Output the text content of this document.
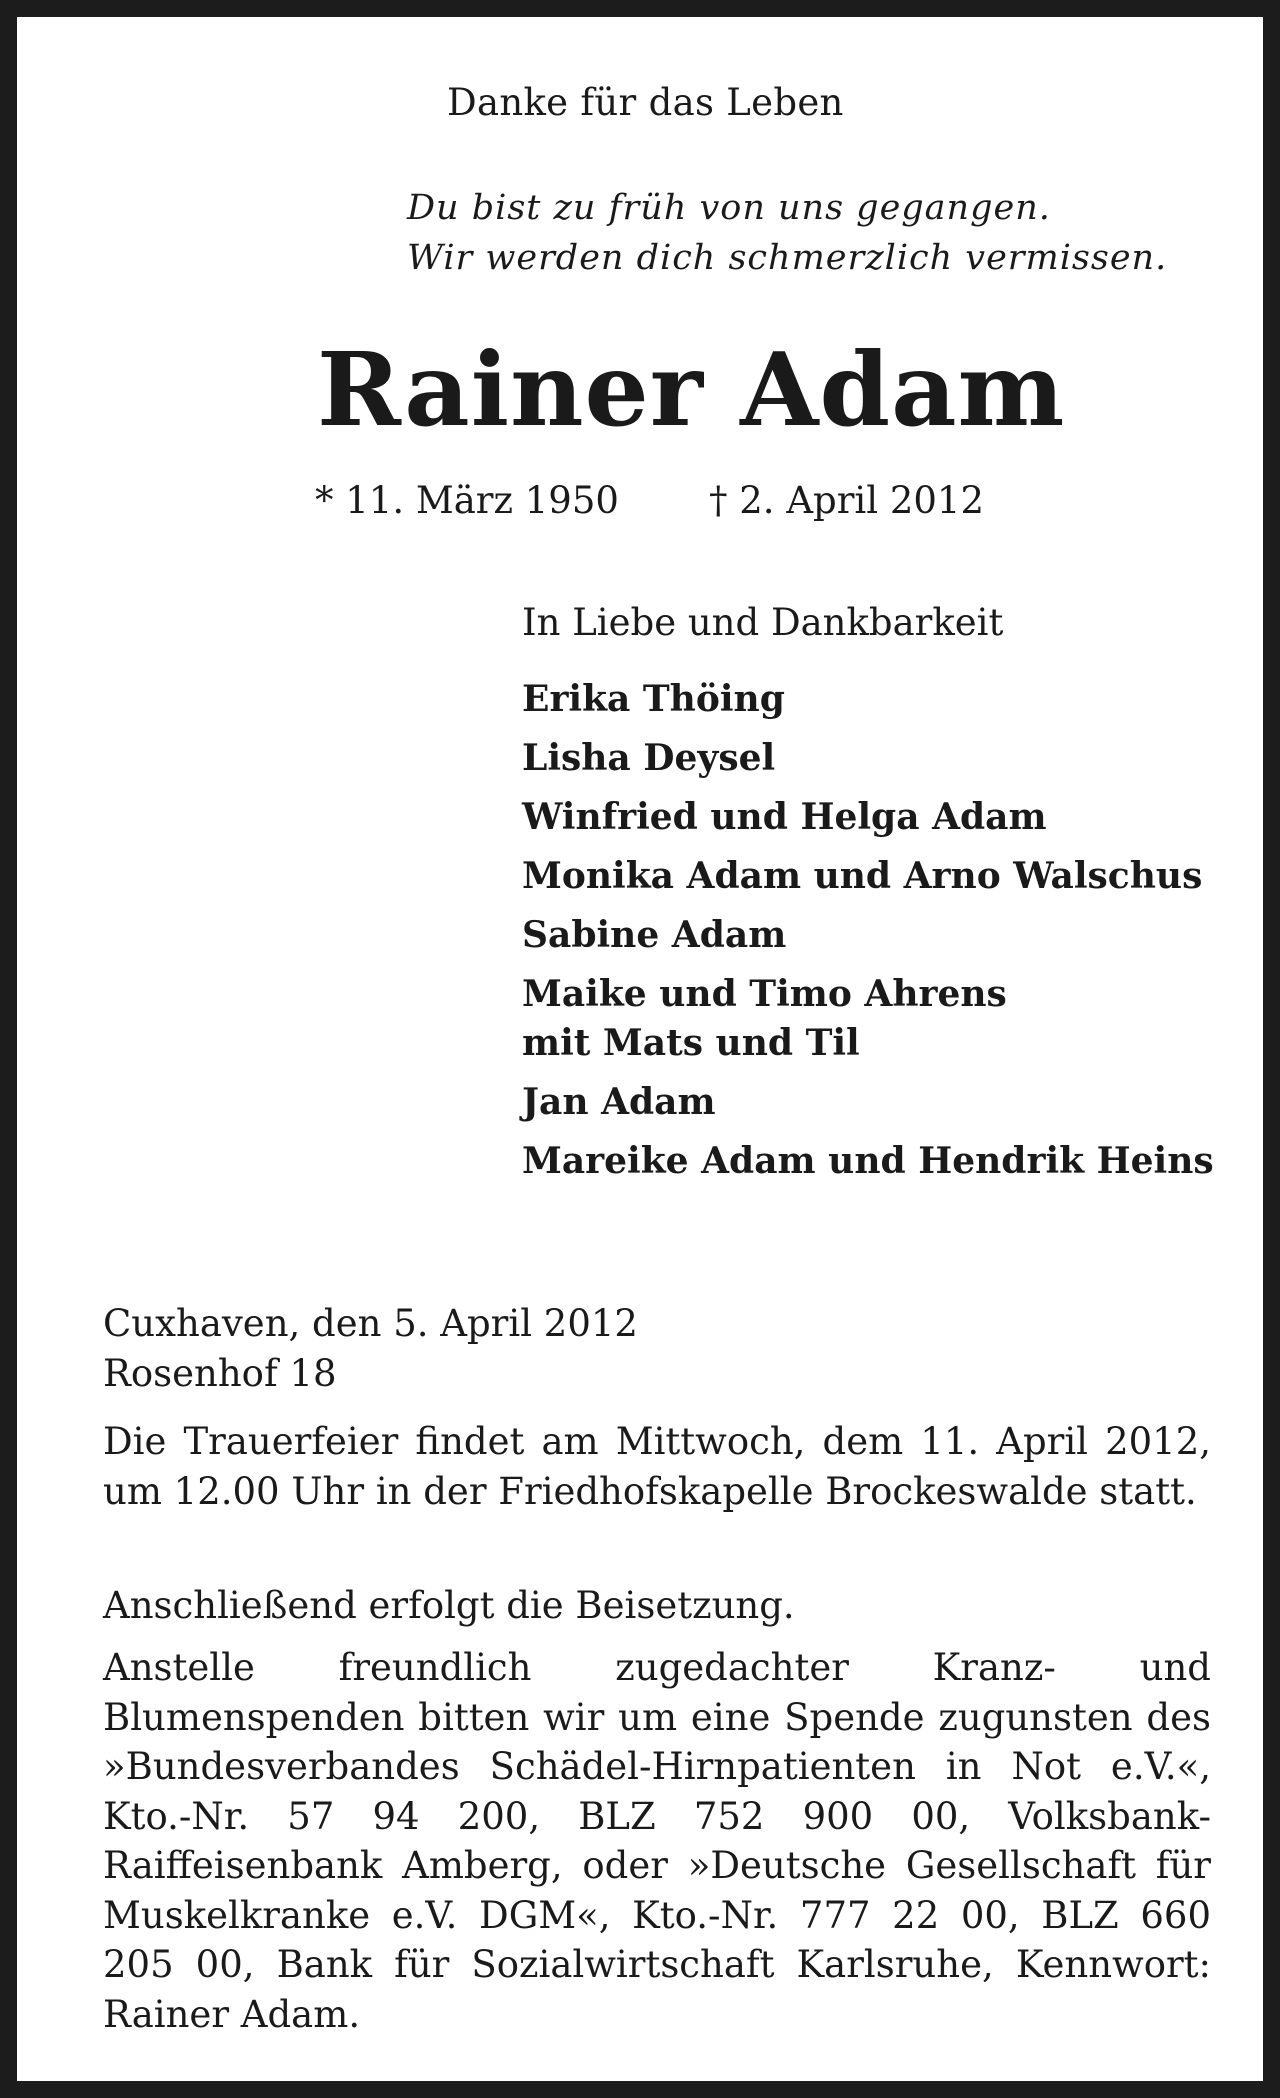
Danke für das Leben
Du bist zu früh von uns gegangen.
Wir werden dich schmerzlich vermissen.
Rainer Adam
* 11. März 1950 † 2. April 2012
In Liebe und Dankbarkeit
Erika Thöing
Lisha Deysel
Winfried und Helga Adam
Monika Adam und Arno Walschus
Sabine Adam
Maike und Timo Ahrens
mit Mats und Til
Jan Adam
Mareike Adam und Hendrik Heins
Cuxhaven, den 5. April 2012
Rosenhof 18

Die Trauerfeier findet am Mittwoch, dem 11. April 2012, um 12.00 Uhr in der Friedhofskapelle Brockeswalde statt.

Anschließend erfolgt die Beisetzung.

Anstelle freundlich zugedachter Kranz- und Blumenspenden bitten wir um eine Spende zugunsten des »Bundesverbandes Schädel-Hirnpatienten in Not e.V.«, Kto.-Nr. 57 94 200, BLZ 752 900 00, Volksbank-Raiffeisenbank Amberg, oder »Deutsche Gesellschaft für Muskelkranke e.V. DGM«, Kto.-Nr. 777 22 00, BLZ 660 205 00, Bank für Sozialwirtschaft Karlsruhe, Kennwort: Rainer Adam.
